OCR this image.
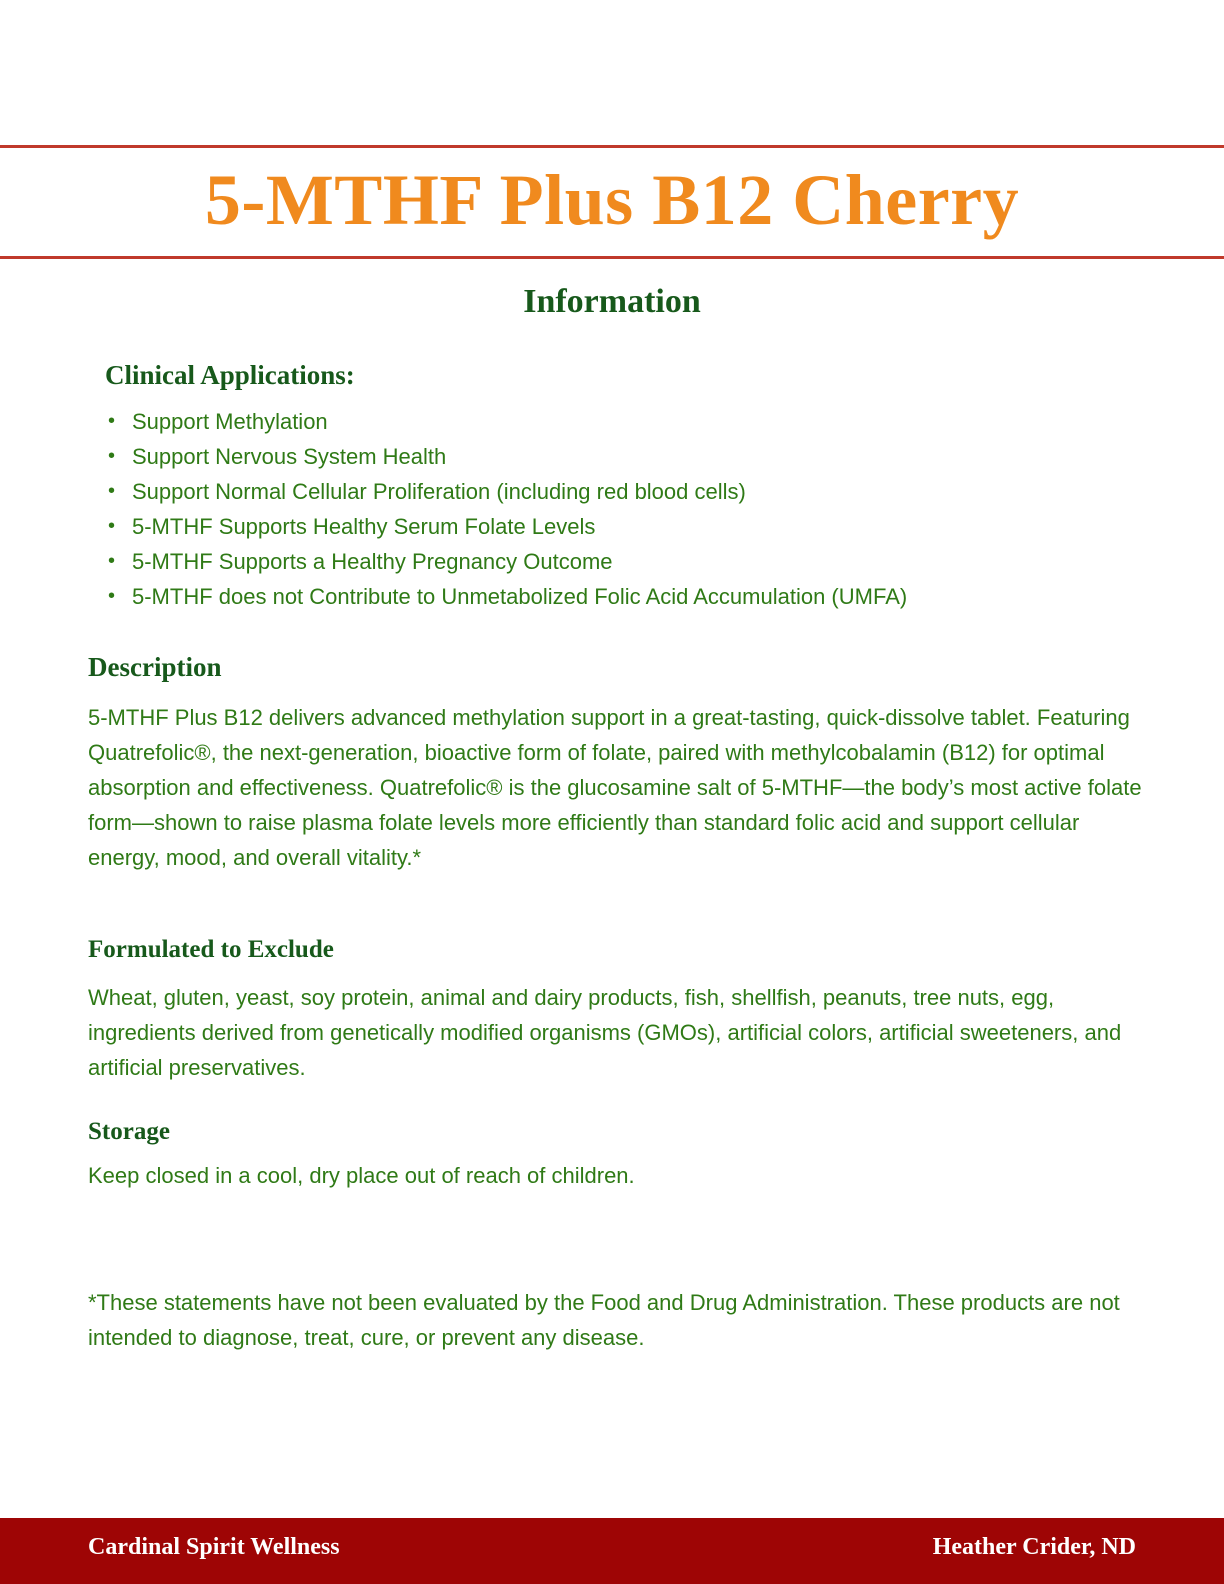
5-MTHF Plus B12 Cherry
Information
Clinical Applications:
• Support Methylation
• Support Nervous System Health
• Support Normal Cellular Proliferation (including red blood cells)
• 5-MTHF Supports Healthy Serum Folate Levels
• 5-MTHF Supports a Healthy Pregnancy Outcome
• 5-MTHF does not Contribute to Unmetabolized Folic Acid Accumulation (UMFA)
Description
5-MTHF Plus B12 delivers advanced methylation support in a great-tasting, quick-dissolve tablet. Featuring Quatrefolic®, the next-generation, bioactive form of folate, paired with methylcobalamin (B12) for optimal absorption and effectiveness. Quatrefolic® is the glucosamine salt of 5-MTHF—the body’s most active folate form—shown to raise plasma folate levels more efficiently than standard folic acid and support cellular energy, mood, and overall vitality.*
Formulated to Exclude
Wheat, gluten, yeast, soy protein, animal and dairy products, fish, shellfish, peanuts, tree nuts, egg, ingredients derived from genetically modified organisms (GMOs), artificial colors, artificial sweeteners, and artificial preservatives.
Storage
Keep closed in a cool, dry place out of reach of children.
*These statements have not been evaluated by the Food and Drug Administration. These products are not intended to diagnose, treat, cure, or prevent any disease.
Cardinal Spirit Wellness	Heather Crider, ND
